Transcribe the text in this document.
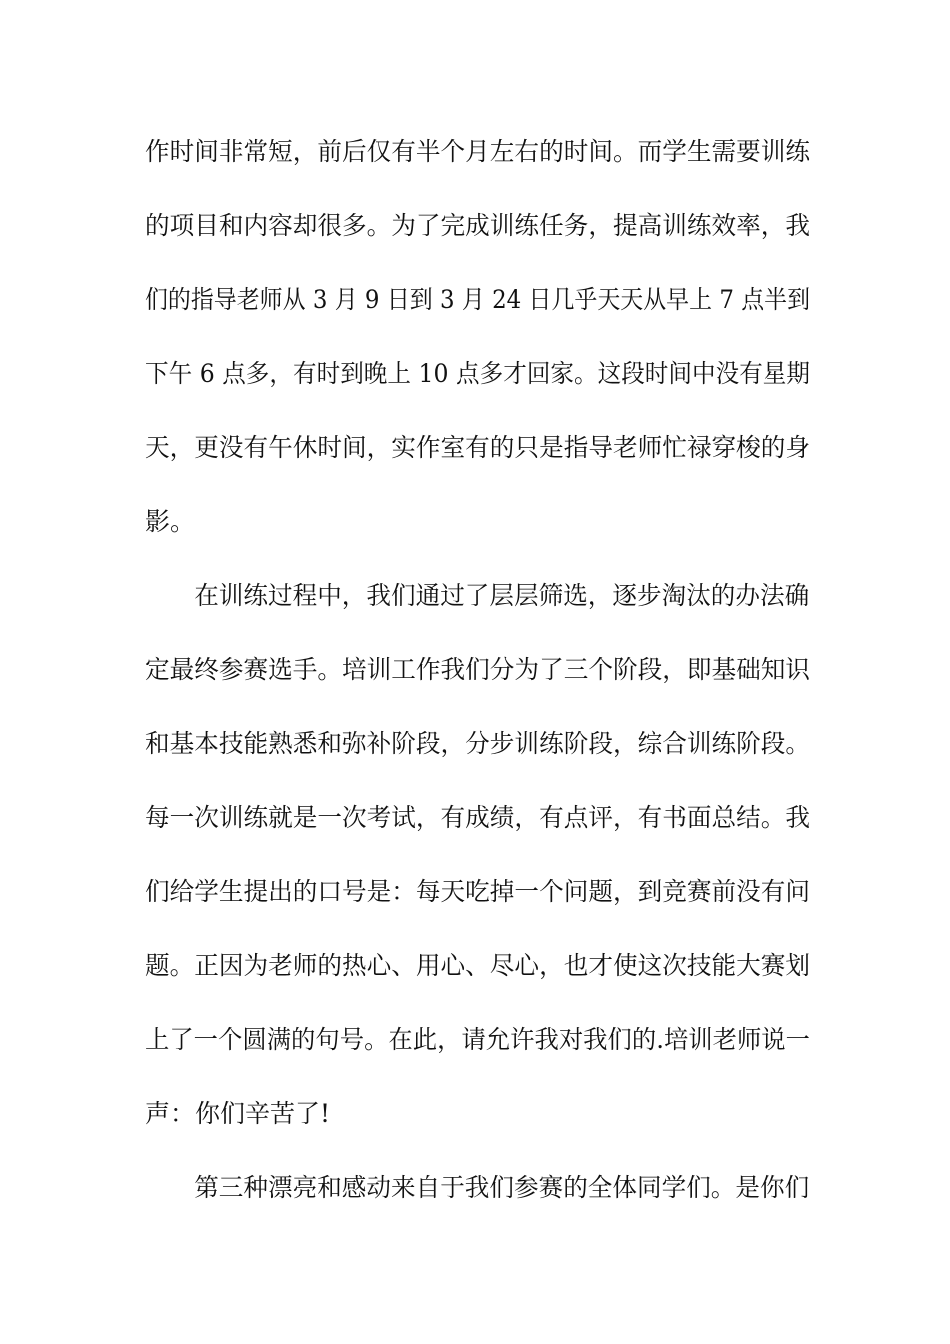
作时间非常短，前后仅有半个月左右的时间。而学生需要训练
的项目和内容却很多。为了完成训练任务，提高训练效率，我
们的指导老师从 3 月 9 日到 3 月 24 日几乎天天从早上 7 点半到
下午 6 点多，有时到晚上 10 点多才回家。这段时间中没有星期
天，更没有午休时间，实作室有的只是指导老师忙禄穿梭的身
影。
在训练过程中，我们通过了层层筛选，逐步淘汰的办法确
定最终参赛选手。培训工作我们分为了三个阶段，即基础知识
和基本技能熟悉和弥补阶段，分步训练阶段，综合训练阶段。
每一次训练就是一次考试，有成绩，有点评，有书面总结。我
们给学生提出的口号是：每天吃掉一个问题，到竞赛前没有问
题。正因为老师的热心、用心、尽心，也才使这次技能大赛划
上了一个圆满的句号。在此，请允许我对我们的.培训老师说一
声：你们辛苦了!
第三种漂亮和感动来自于我们参赛的全体同学们。是你们
